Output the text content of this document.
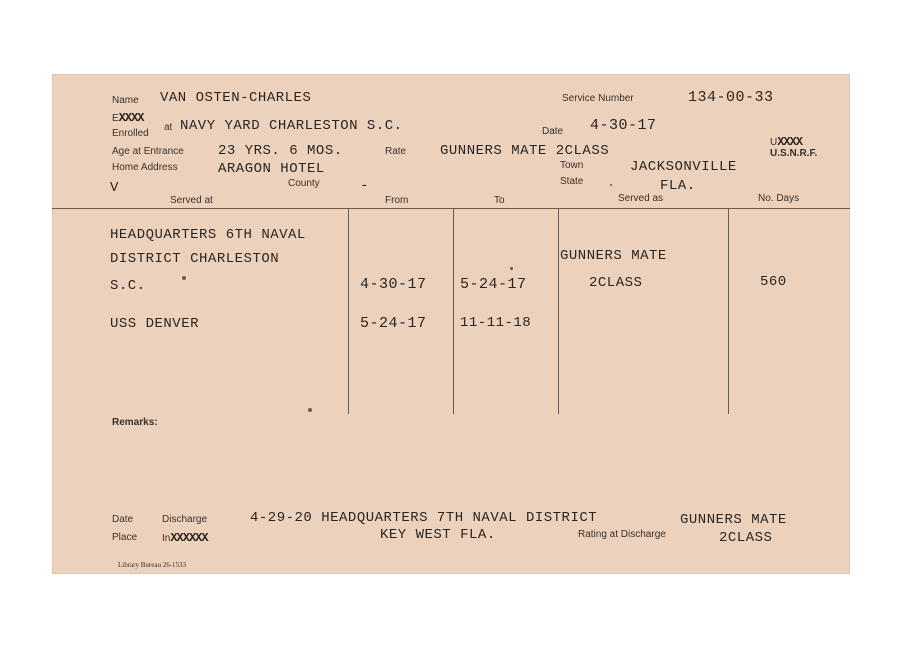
Name VAN OSTEN-CHARLES	Service Number	134-00-33
EXXXX
Enrolled
at NAVY YARD CHARLESTON S.C.	Date 4-30-17
UXXXX
U.S.N.R.F.
Age at Entrance 23 YRS. 6 MOS.	Rate GUNNERS MATE 2CLASS
Home Address	ARAGON HOTEL	Town	JACKSONVILLE
County	-
V	State	FLA.
Served at	From	To	Served as	No. Days
HEADQUARTERS 6TH NAVAL
DISTRICT CHARLESTON
S.C.	4-30-17 5-24-17
GUNNERS MATE
2CLASS	560
USS DENVER	5-24-17 11-11-18
Remarks:
Date	Discharge	4-29-20 HEADQUARTERS 7TH NAVAL DISTRICT	GUNNERS MATE
Place InXXXXXX	KEY WEST FLA.	Rating at Discharge	2CLASS
Library Bureau 26-1533
